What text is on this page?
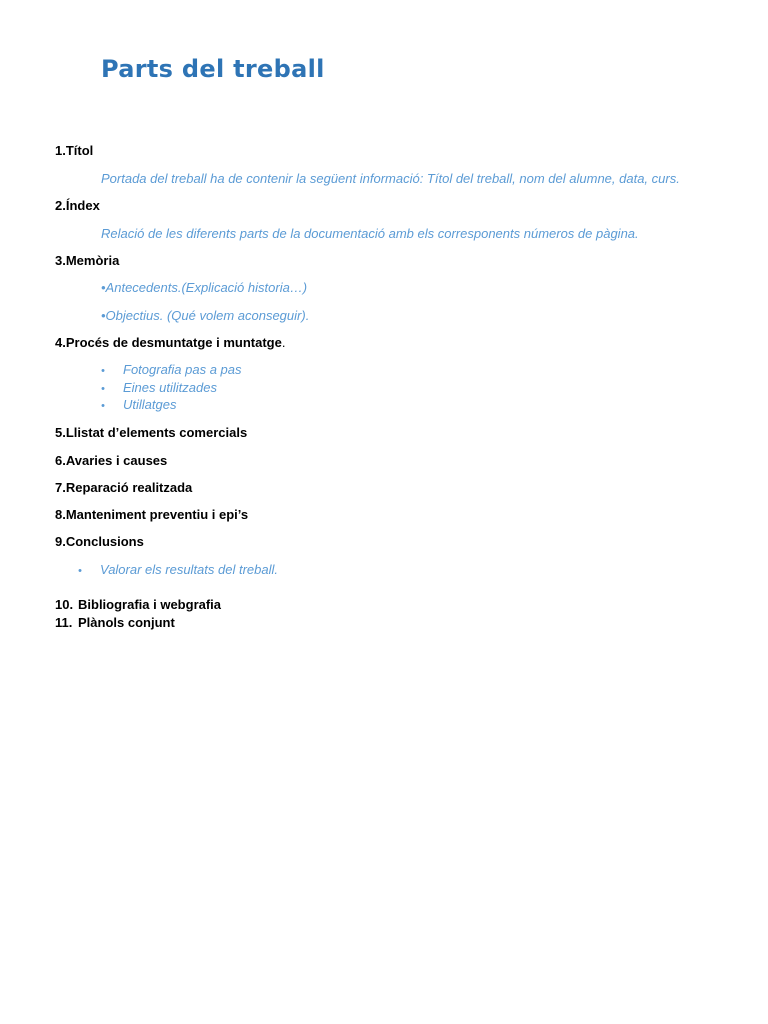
Parts del treball
1.Títol
Portada del treball ha de contenir la següent informació: Títol del treball, nom del alumne, data, curs.
2.Índex
Relació de les diferents parts de la documentació amb els corresponents números de pàgina.
3.Memòria
•Antecedents.(Explicació historia…)
•Objectius. (Qué volem aconseguir).
4.Procés de desmuntatge i muntatge.
• Fotografia pas a pas
• Eines utilitzades
• Utillatges
5.Llistat d’elements comercials
6.Avaries i causes
7.Reparació realitzada
8.Manteniment preventiu i epi’s
9.Conclusions
• Valorar els resultats del treball.
10. Bibliografia i webgrafia
11. Plànols conjunt
